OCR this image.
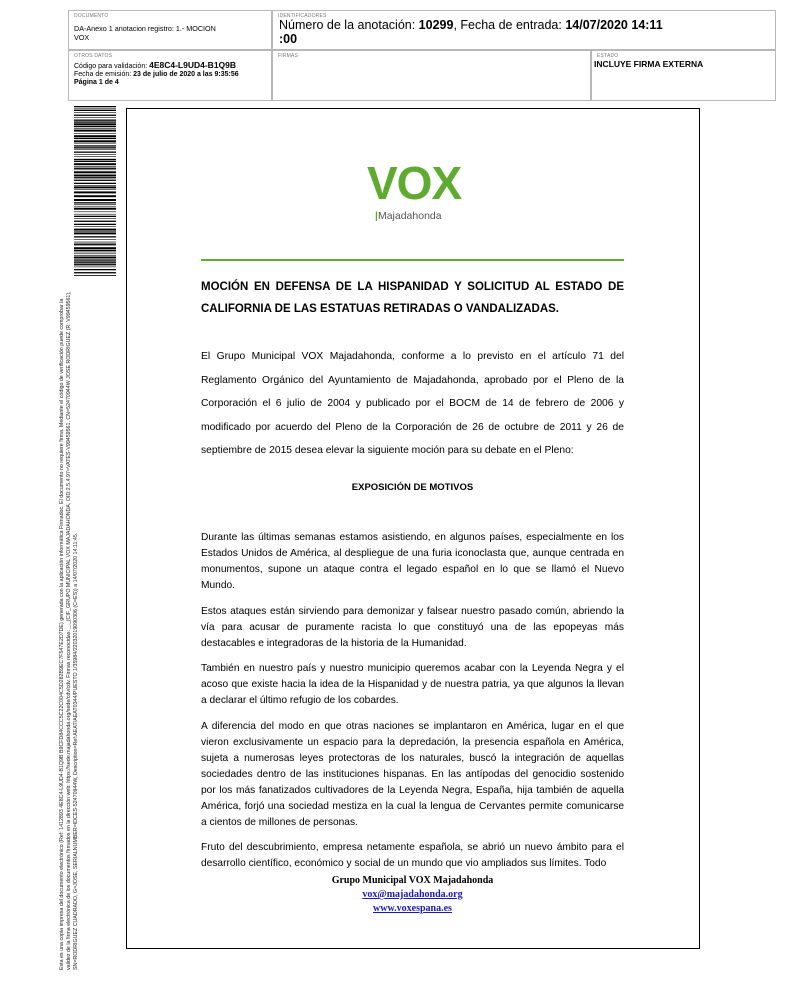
DOCUMENTO
DA-Anexo 1 anotacion registro: 1.- MOCION
VOX
IDENTIFICADORES
Número de la anotación: 10299, Fecha de entrada: 14/07/2020 14:11
:00
OTROS DATOS
Código para validación: 4E8C4-L9UD4-B1Q9B
Fecha de emisión: 23 de julio de 2020 a las 9:35:56
Página 1 de 4
FIRMAS	ESTADO
INCLUYE FIRMA EXTERNA
Esta es una copia impresa del documento electrónico (Ref: 1412893 4E8C4-L9UD4-B1Q9B B9CFD84CCC5C22C004C5D282B9EC7F547E2D7DE) generada con la aplicación informática Firmadoc. El documento no requiere firma. Mediante el código de verificación puede comprobar la validez de la firma electrónica de los documentos firmados en la dirección web: https://sede.majadahonda.org/sede/cdv/cdv. Firmas reconocidas: _._(CIF_GRUPO MUNICIPAL VOX MAJADAHONDA, OID:2.5.4.97=VATES-V99459561, CN=52470944W JOSE RODRIGUEZ (R: V99459561), SN=RODRIGUEZ CUADRADO, G=JOSE, SERIALNUMBER=IDCES-52470944W, Description=Ref:AEAT/AEAT0344/PUESTO 1/35984/22032019090306 (C=ES)) a 14/07/2020 14:11:45.
VOX
|Majadahonda
MOCIÓN EN DEFENSA DE LA HISPANIDAD Y SOLICITUD AL ESTADO DE
CALIFORNIA DE LAS ESTATUAS RETIRADAS O VANDALIZADAS.
El Grupo Municipal VOX Majadahonda, conforme a lo previsto en el artículo 71 del Reglamento Orgánico del Ayuntamiento de Majadahonda, aprobado por el Pleno de la Corporación el 6 julio de 2004 y publicado por el BOCM de 14 de febrero de 2006 y modificado por acuerdo del Pleno de la Corporación de 26 de octubre de 2011 y 26 de septiembre de 2015 desea elevar la siguiente moción para su debate en el Pleno:
EXPOSICIÓN DE MOTIVOS

Durante las últimas semanas estamos asistiendo, en algunos países, especialmente en los Estados Unidos de América, al despliegue de una furia iconoclasta que, aunque centrada en monumentos, supone un ataque contra el legado español en lo que se llamó el Nuevo Mundo.

Estos ataques están sirviendo para demonizar y falsear nuestro pasado común, abriendo la vía para acusar de puramente racista lo que constituyó una de las epopeyas más destacables e integradoras de la historia de la Humanidad.

También en nuestro país y nuestro municipio queremos acabar con la Leyenda Negra y el acoso que existe hacia la idea de la Hispanidad y de nuestra patria, ya que algunos la llevan a declarar el último refugio de los cobardes.

A diferencia del modo en que otras naciones se implantaron en América, lugar en el que vieron exclusivamente un espacio para la depredación, la presencia española en América, sujeta a numerosas leyes protectoras de los naturales, buscó la integración de aquellas sociedades dentro de las instituciones hispanas. En las antípodas del genocidio sostenido por los más fanatizados cultivadores de la Leyenda Negra, España, hija también de aquella América, forjó una sociedad mestiza en la cual la lengua de Cervantes permite comunicarse a cientos de millones de personas.

Fruto del descubrimiento, empresa netamente española, se abrió un nuevo ámbito para el desarrollo científico, económico y social de un mundo que vio ampliados sus límites. Todo

Grupo Municipal VOX Majadahonda
vox@majadahonda.org
www.voxespana.es
